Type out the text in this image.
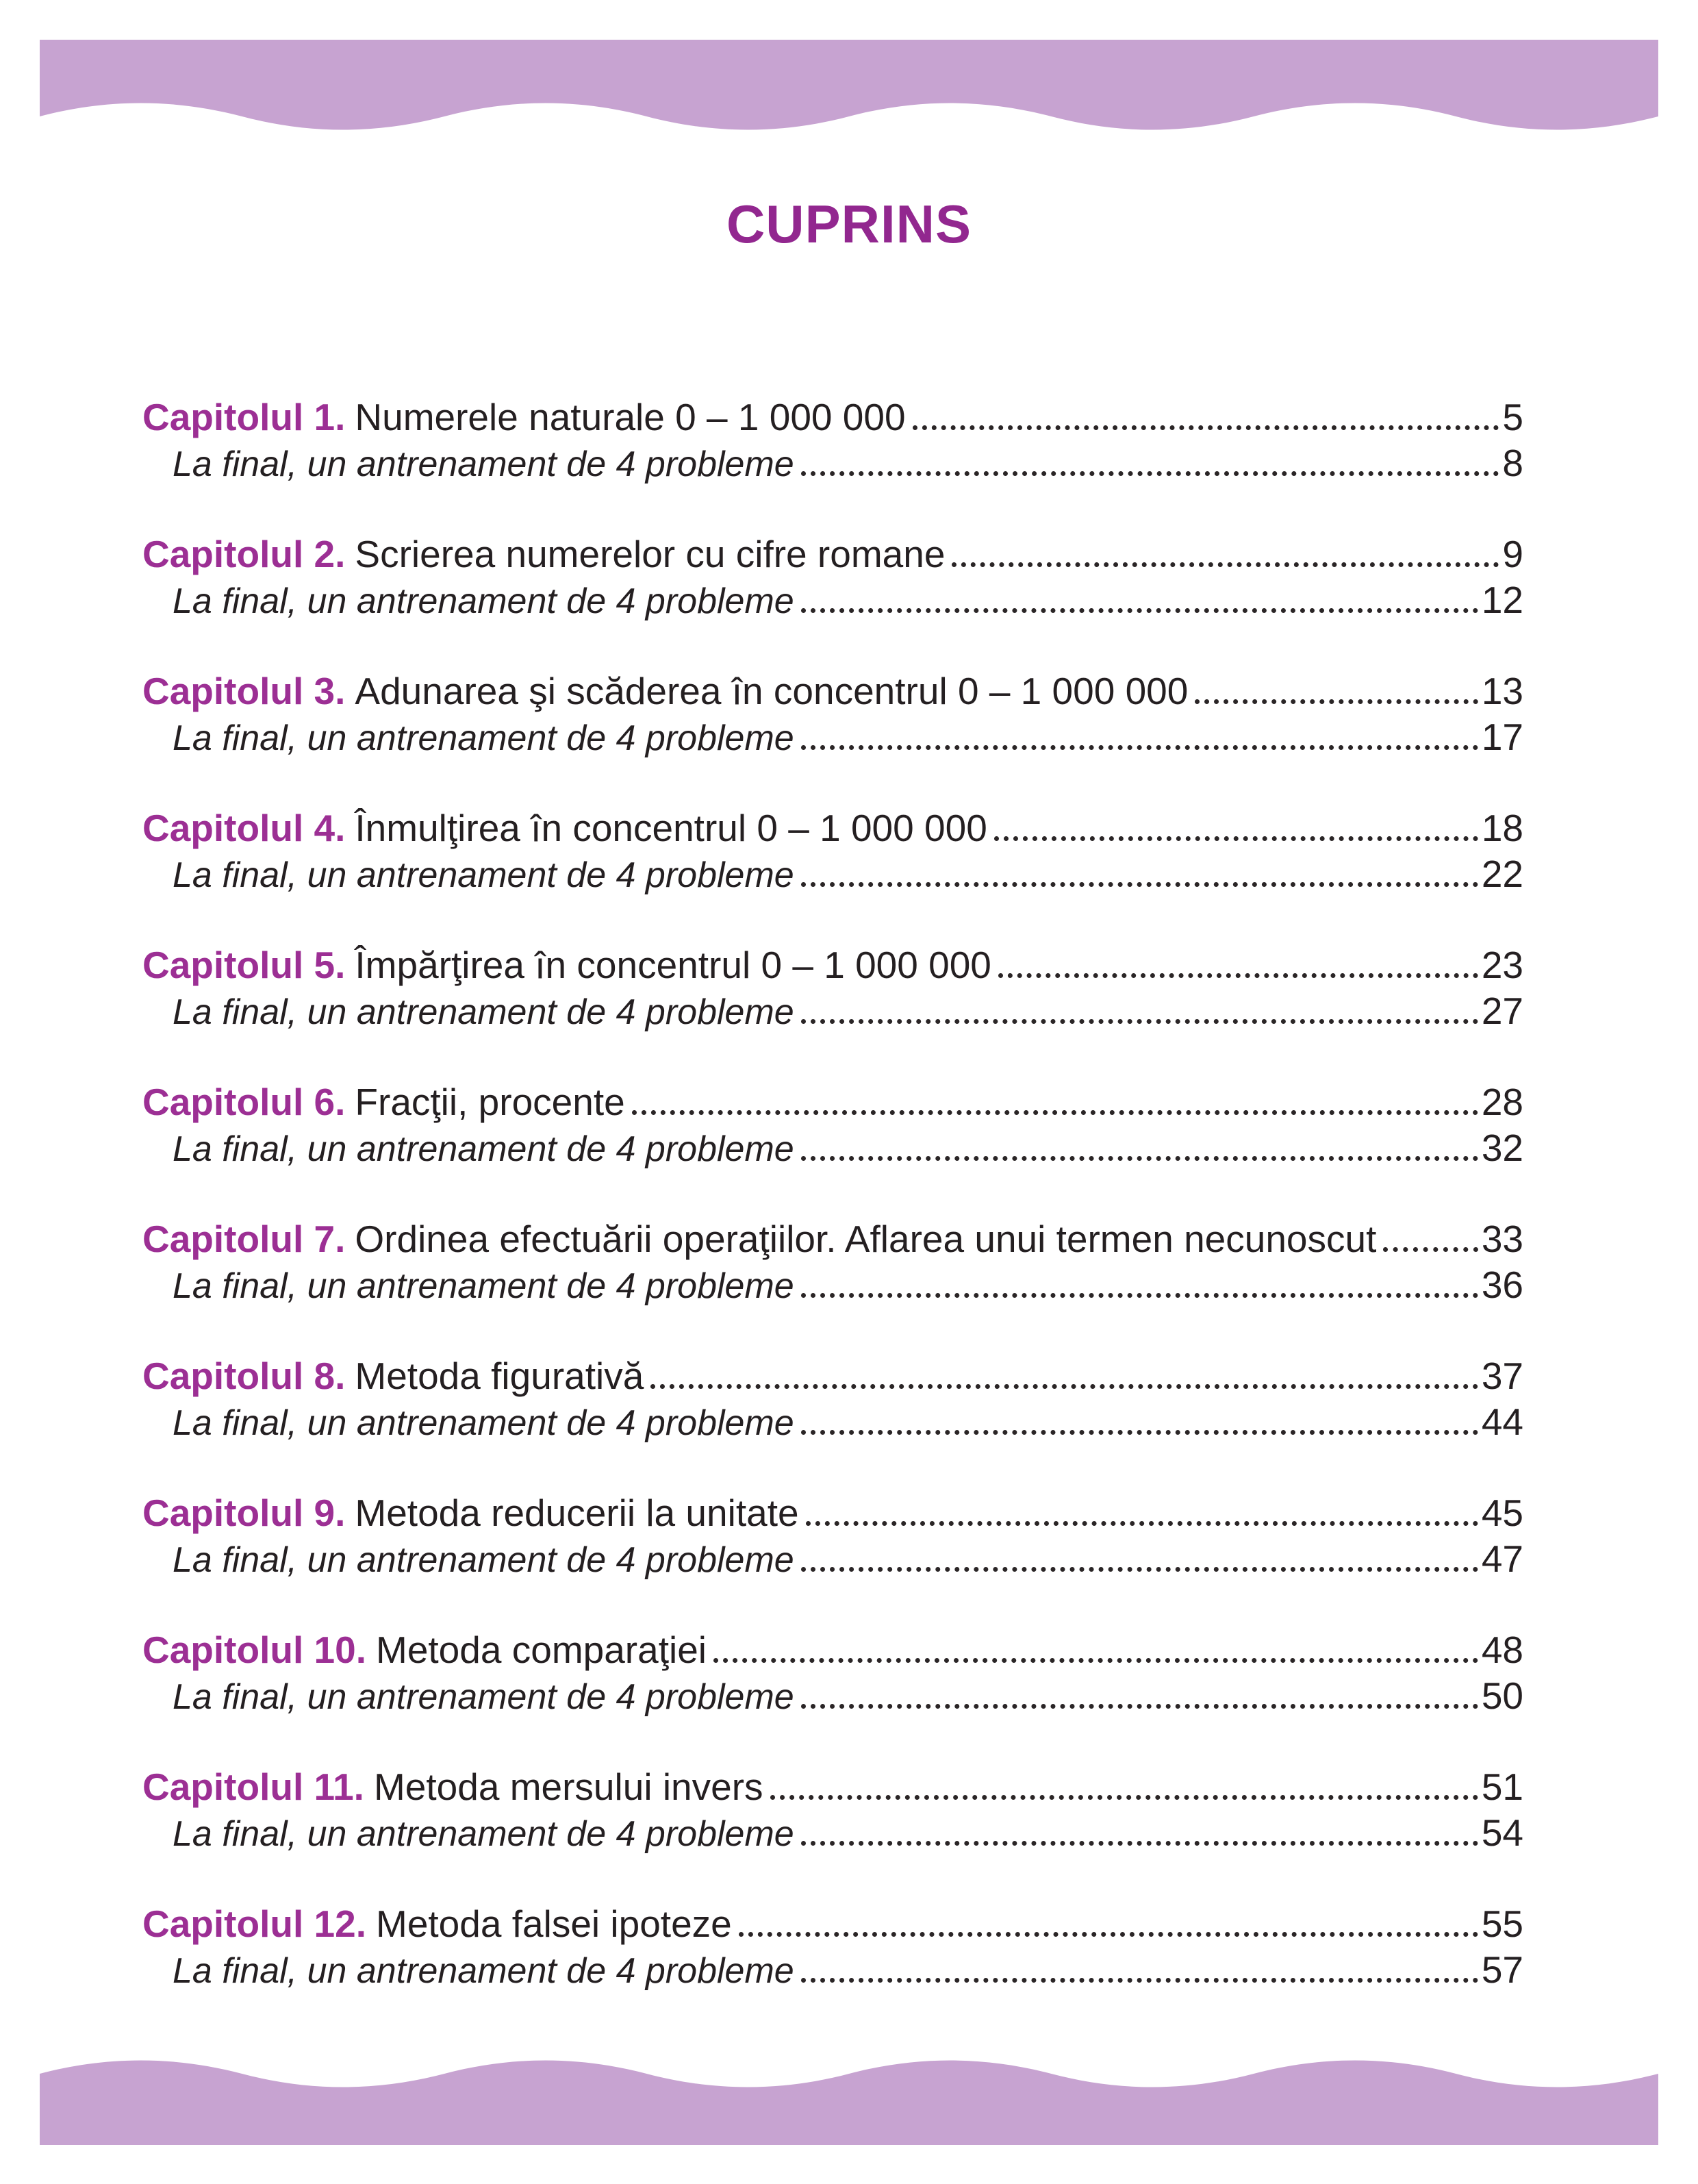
CUPRINS
Capitolul 1. Numerele naturale 0 – 1 000 000	5
La final, un antrenament de 4 probleme	8
Capitolul 2. Scrierea numerelor cu cifre romane	9
La final, un antrenament de 4 probleme	12
Capitolul 3. Adunarea şi scăderea în concentrul 0 – 1 000 000	13
La final, un antrenament de 4 probleme	17
Capitolul 4. Înmulţirea în concentrul 0 – 1 000 000	18
La final, un antrenament de 4 probleme	22
Capitolul 5. Împărţirea în concentrul 0 – 1 000 000	23
La final, un antrenament de 4 probleme	27
Capitolul 6. Fracţii, procente	28
La final, un antrenament de 4 probleme	32
Capitolul 7. Ordinea efectuării operaţiilor. Aflarea unui termen necunoscut	33
La final, un antrenament de 4 probleme	36
Capitolul 8. Metoda figurativă	37
La final, un antrenament de 4 probleme	44
Capitolul 9. Metoda reducerii la unitate	45
La final, un antrenament de 4 probleme	47
Capitolul 10. Metoda comparaţiei	48
La final, un antrenament de 4 probleme	50
Capitolul 11. Metoda mersului invers	51
La final, un antrenament de 4 probleme	54
Capitolul 12. Metoda falsei ipoteze	55
La final, un antrenament de 4 probleme	57
